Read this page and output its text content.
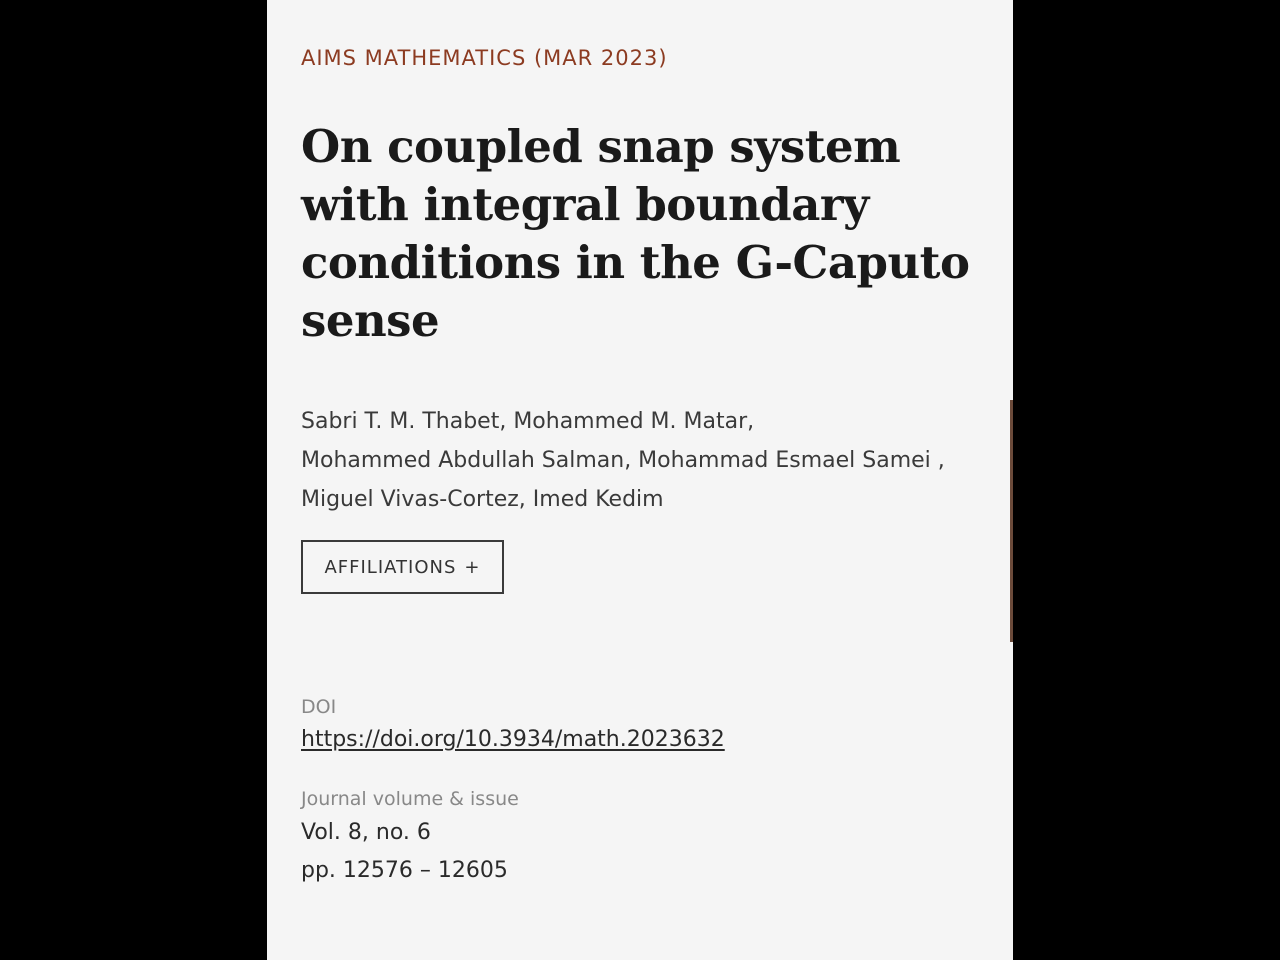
AIMS MATHEMATICS (MAR 2023)
On coupled snap system with integral boundary conditions in the G-Caputo sense
Sabri T. M. Thabet, Mohammed M. Matar,
Mohammed Abdullah Salman, Mohammad Esmael Samei ,
Miguel Vivas-Cortez, Imed Kedim
AFFILIATIONS +
DOI
https://doi.org/10.3934/math.2023632
Journal volume & issue
Vol. 8, no. 6
pp. 12576 – 12605
